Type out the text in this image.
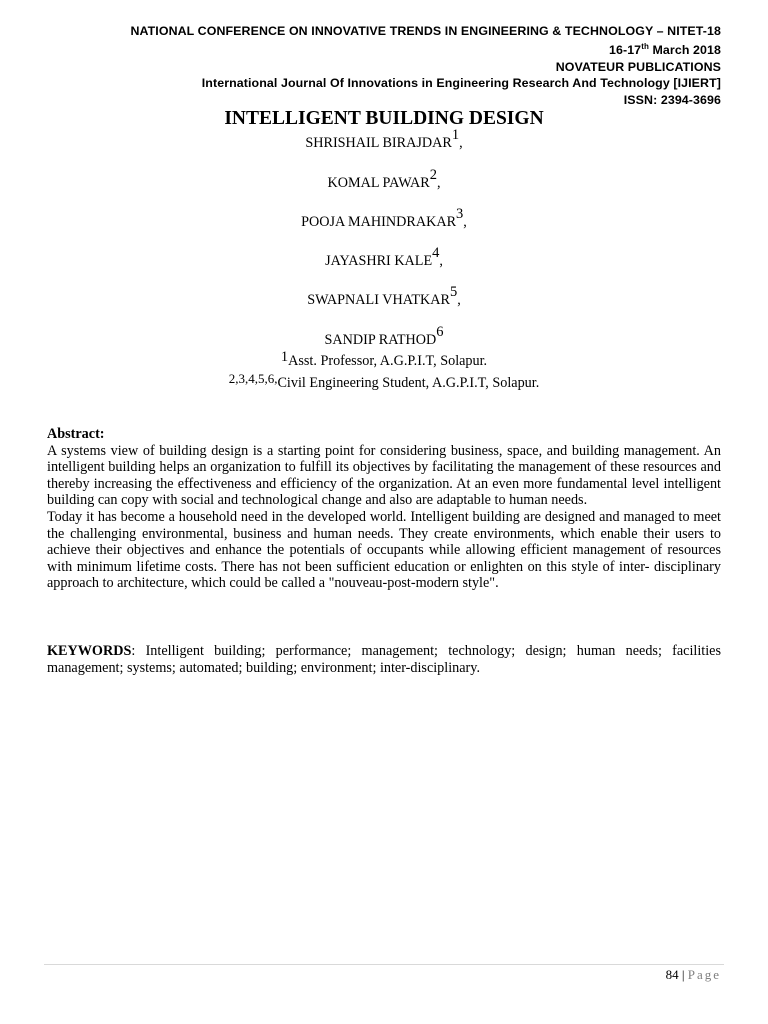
NATIONAL CONFERENCE ON INNOVATIVE TRENDS IN ENGINEERING & TECHNOLOGY – NITET-18
16-17th March 2018
NOVATEUR PUBLICATIONS
International Journal Of Innovations in Engineering Research And Technology [IJIERT]
ISSN: 2394-3696
INTELLIGENT BUILDING DESIGN
SHRISHAIL BIRAJDAR$^1$,
KOMAL PAWAR$^2$,
POOJA MAHINDRAKAR$^3$,
JAYASHRI KALE$^4$,
SWAPNALI VHATKAR$^5$,
SANDIP RATHOD$^6$
1Asst. Professor, A.G.P.I.T, Solapur.
2,3,4,5,6,Civil Engineering Student, A.G.P.I.T, Solapur.

Abstract:

A systems view of building design is a starting point for considering business, space, and building management. An intelligent building helps an organization to fulfill its objectives by facilitating the management of these resources and thereby increasing the effectiveness and efficiency of the organization. At an even more fundamental level intelligent building can copy with social and technological change and also are adaptable to human needs.

Today it has become a household need in the developed world. Intelligent building are designed and managed to meet the challenging environmental, business and human needs. They create environments, which enable their users to achieve their objectives and enhance the potentials of occupants while allowing efficient management of resources with minimum lifetime costs. There has not been sufficient education or enlighten on this style of inter- disciplinary approach to architecture, which could be called a "nouveau-post-modern style".

KEYWORDS: Intelligent building; performance; management; technology; design; human needs; facilities management; systems; automated; building; environment; inter-disciplinary.

84 | Page
